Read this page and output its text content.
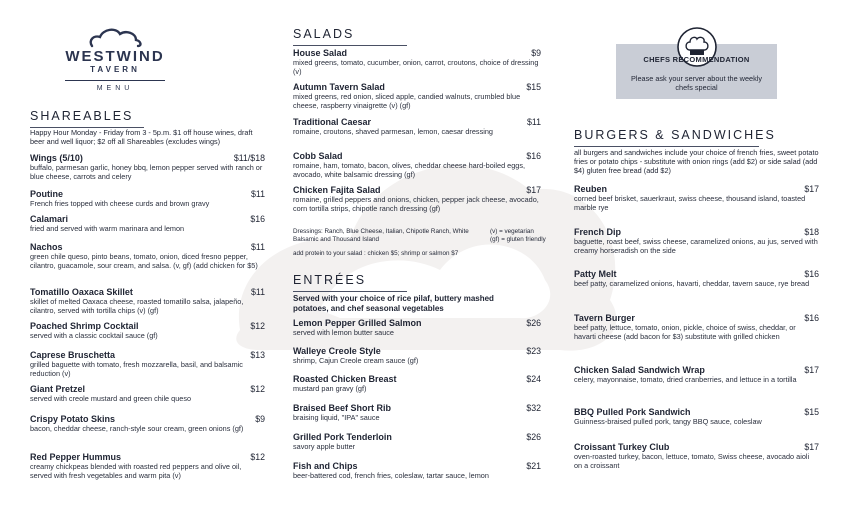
WESTWIND
TAVERN
MENU
SHAREABLES
Happy Hour Monday - Friday from 3 - 5p.m. $1 off house wines, draft beer and well liquor; $2 off all Shareables (excludes wings)
Wings (5/10)	$11/$18
buffalo, parmesan garlic, honey bbq, lemon pepper served with ranch or blue cheese, carrots and celery
Poutine	$11
French fries topped with cheese curds and brown gravy
Calamari	$16
fried and served with warm marinara and lemon
Nachos	$11
green chile queso, pinto beans, tomato, onion, diced fresno pepper, cilantro, guacamole, sour cream, and salsa. (v, gf) (add chicken for $5)
Tomatillo Oaxaca Skillet	$11
skillet of melted Oaxaca cheese, roasted tomatillo salsa, jalapeño, cilantro, served with tortilla chips (v) (gf)
Poached Shrimp Cocktail	$12
served with a classic cocktail sauce (gf)
Caprese Bruschetta	$13
grilled baguette with tomato, fresh mozzarella, basil, and balsamic reduction (v)
Giant Pretzel	$12
served with creole mustard and green chile queso
Crispy Potato Skins	$9
bacon, cheddar cheese, ranch-style sour cream, green onions (gf)
Red Pepper Hummus	$12
creamy chickpeas blended with roasted red peppers and olive oil, served with fresh vegetables and warm pita (v)
SALADS
House Salad	$9
mixed greens, tomato, cucumber, onion, carrot, croutons, choice of dressing (v)
Autumn Tavern Salad	$15
mixed greens, red onion, sliced apple, candied walnuts, crumbled blue cheese, raspberry vinaigrette (v) (gf)
Traditional Caesar	$11
romaine, croutons, shaved parmesan, lemon, caesar dressing
Cobb Salad	$16
romaine, ham, tomato, bacon, olives, cheddar cheese hard-boiled eggs, avocado, white balsamic dressing (gf)
Chicken Fajita Salad	$17
romaine, grilled peppers and onions, chicken, pepper jack cheese, avocado, corn tortilla strips, chipotle ranch dressing (gf)
Dressings: Ranch, Blue Cheese, Italian, Chipotle Ranch, White Balsamic and Thousand Island
(v) = vegetarian
(gf) = gluten friendly
add protein to your salad : chicken $5; shrimp or salmon $7
ENTRÉES
Served with your choice of rice pilaf, buttery mashed potatoes, and chef seasonal vegetables
Lemon Pepper Grilled Salmon	$26
served with lemon butter sauce
Walleye Creole Style	$23
shrimp, Cajun Creole cream sauce (gf)
Roasted Chicken Breast	$24
mustard pan gravy (gf)
Braised Beef Short Rib	$32
braising liquid, "IPA" sauce
Grilled Pork Tenderloin	$26
savory apple butter
Fish and Chips	$21
beer-battered cod, french fries, coleslaw, tartar sauce, lemon
CHEFS RECOMMENDATION
Please ask your server about the weekly chefs special
BURGERS & SANDWICHES
all burgers and sandwiches include your choice of french fries, sweet potato fries or potato chips - substitute with onion rings (add $2) or side salad (add $4) gluten free bread (add $2)
Reuben	$17
corned beef brisket, sauerkraut, swiss cheese, thousand island, toasted marble rye
French Dip	$18
baguette, roast beef, swiss cheese, caramelized onions, au jus, served with creamy horseradish on the side
Patty Melt	$16
beef patty, caramelized onions, havarti, cheddar, tavern sauce, rye bread
Tavern Burger	$16
beef patty, lettuce, tomato, onion, pickle, choice of swiss, cheddar, or havarti cheese (add bacon for $3) substitute with grilled chicken
Chicken Salad Sandwich Wrap	$17
celery, mayonnaise, tomato, dried cranberries, and lettuce in a tortilla
BBQ Pulled Pork Sandwich	$15
Guinness-braised pulled pork, tangy BBQ sauce, coleslaw
Croissant Turkey Club	$17
oven-roasted turkey, bacon, lettuce, tomato, Swiss cheese, avocado aioli on a croissant
